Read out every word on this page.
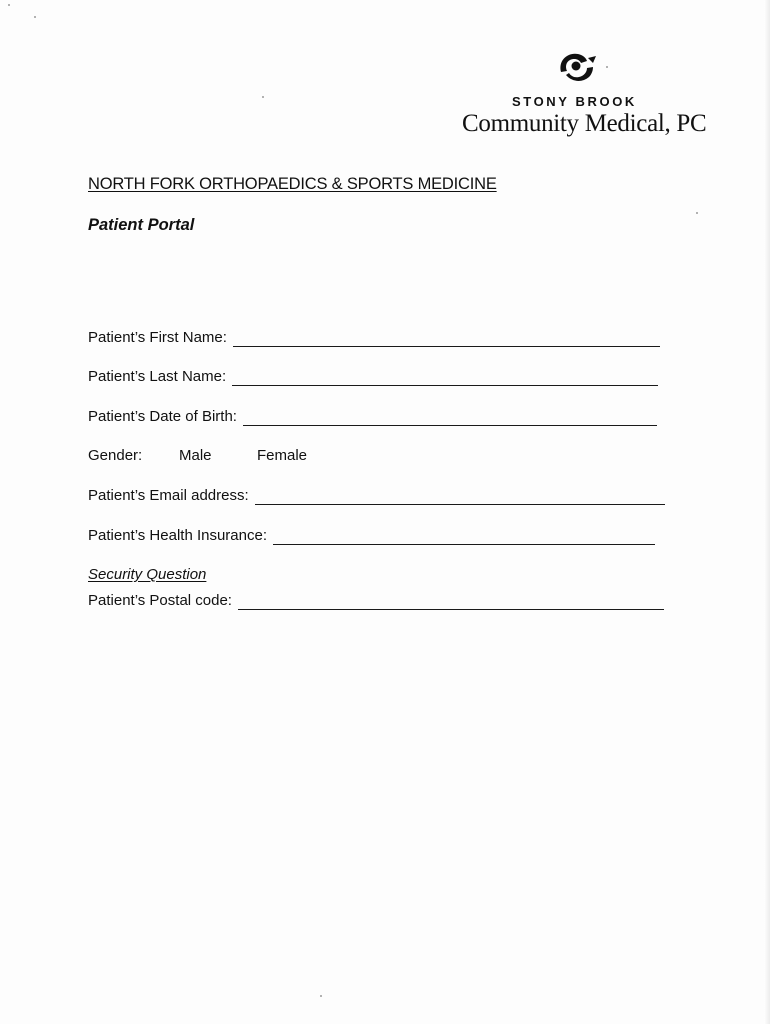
STONY BROOK
Community Medical, PC
NORTH FORK ORTHOPAEDICS & SPORTS MEDICINE
Patient Portal
Patient’s First Name:
Patient’s Last Name:
Patient’s Date of Birth:
Gender: Male	Female
Patient’s Email address:
Patient’s Health Insurance:
Security Question
Patient’s Postal code:
